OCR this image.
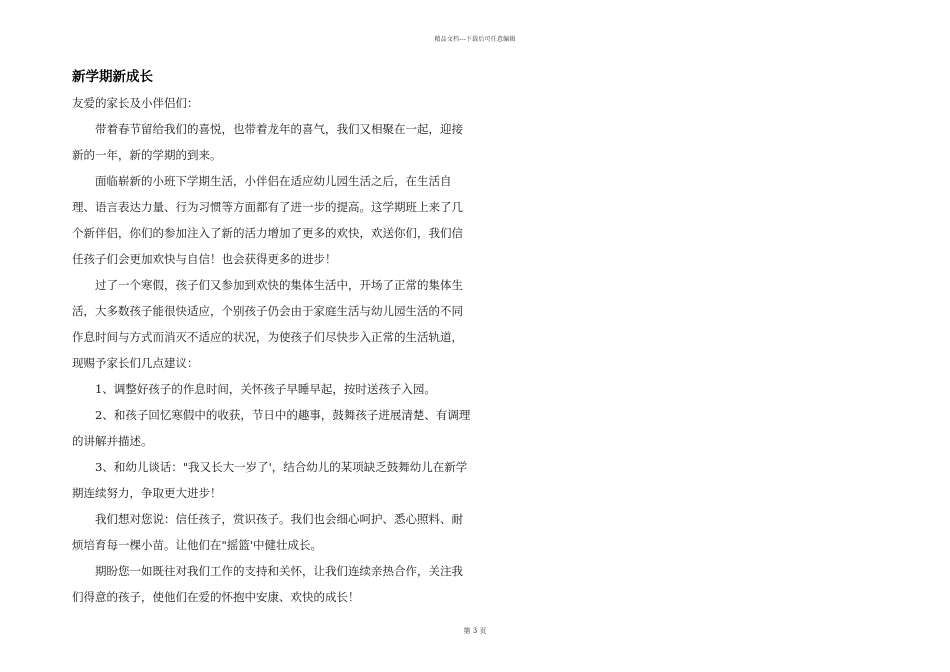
精品文档---下载后可任意编辑
新学期新成长

友爱的家长及小伴侣们：

带着春节留给我们的喜悦，也带着龙年的喜气，我们又相聚在一起，迎接新的一年，新的学期的到来。

面临崭新的小班下学期生活，小伴侣在适应幼儿园生活之后，在生活自理、语言表达力量、行为习惯等方面都有了进一步的提高。这学期班上来了几个新伴侣，你们的参加注入了新的活力增加了更多的欢快，欢送你们，我们信任孩子们会更加欢快与自信！也会获得更多的进步！

过了一个寒假，孩子们又参加到欢快的集体生活中，开场了正常的集体生活，大多数孩子能很快适应，个别孩子仍会由于家庭生活与幼儿园生活的不同作息时间与方式而消灭不适应的状况，为使孩子们尽快步入正常的生活轨道，现赐予家长们几点建议：

1、调整好孩子的作息时间，关怀孩子早睡早起，按时送孩子入园。

2、和孩子回忆寒假中的收获，节日中的趣事，鼓舞孩子进展清楚、有调理的讲解并描述。

3、和幼儿谈话："我又长大一岁了'，结合幼儿的某项缺乏鼓舞幼儿在新学期连续努力，争取更大进步！

我们想对您说：信任孩子，赏识孩子。我们也会细心呵护、悉心照料、耐烦培育每一棵小苗。让他们在"摇篮'中健壮成长。

期盼您一如既往对我们工作的支持和关怀，让我们连续亲热合作，关注我们得意的孩子，使他们在爱的怀抱中安康、欢快的成长！

第 3 页
